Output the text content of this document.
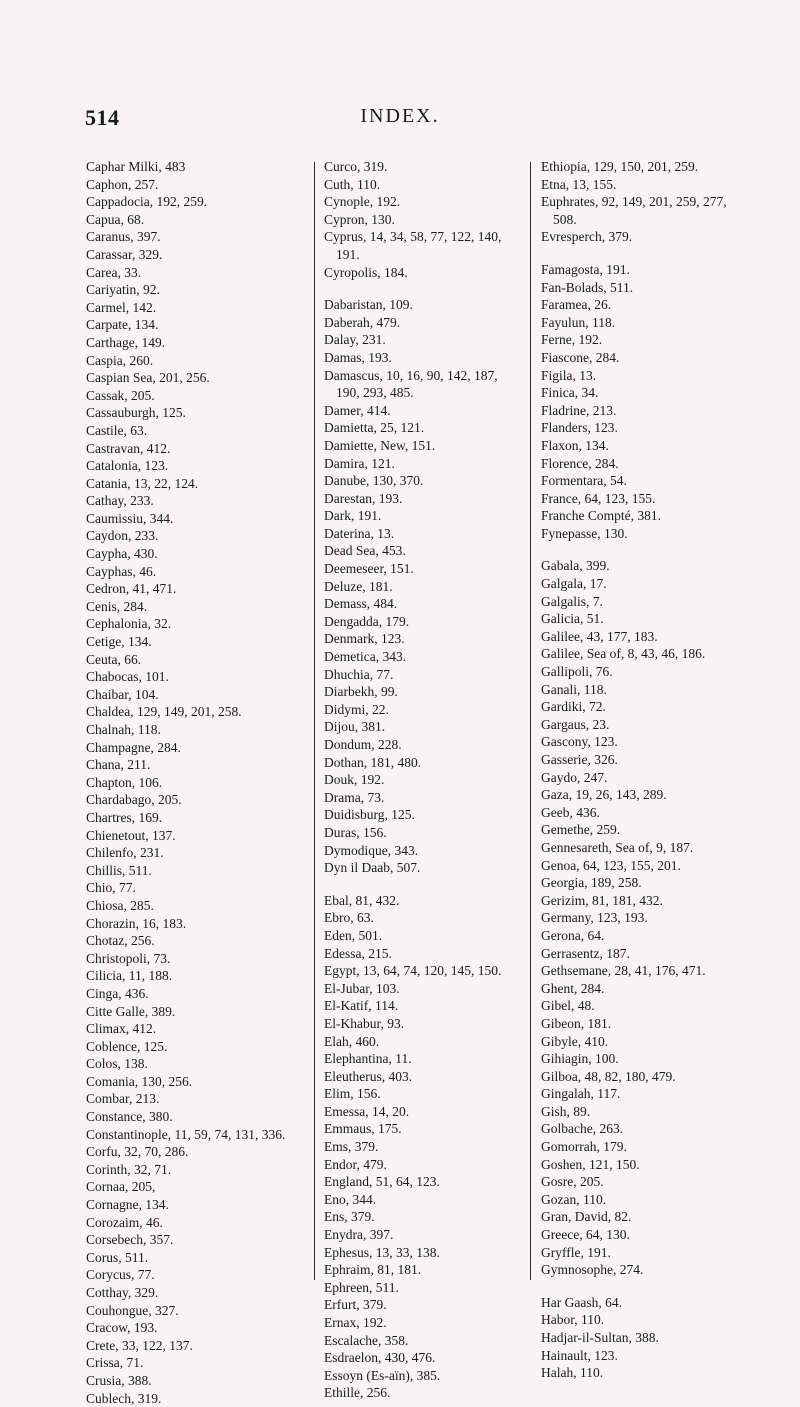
514	INDEX.
Caphar Milki, 483
Caphon, 257.
Cappadocia, 192, 259.
Capua, 68.
Caranus, 397.
Carassar, 329.
Carea, 33.
Cariyatin, 92.
Carmel, 142.
Carpate, 134.
Carthage, 149.
Caspia, 260.
Caspian Sea, 201, 256.
Cassak, 205.
Cassauburgh, 125.
Castile, 63.
Castravan, 412.
Catalonia, 123.
Catania, 13, 22, 124.
Cathay, 233.
Caumissiu, 344.
Caydon, 233.
Caypha, 430.
Cayphas, 46.
Cedron, 41, 471.
Cenis, 284.
Cephalonia, 32.
Cetige, 134.
Ceuta, 66.
Chabocas, 101.
Chaibar, 104.
Chaldea, 129, 149, 201, 258.
Chalnah, 118.
Champagne, 284.
Chana, 211.
Chapton, 106.
Chardabago, 205.
Chartres, 169.
Chienetout, 137.
Chilenfo, 231.
Chillis, 511.
Chio, 77.
Chiosa, 285.
Chorazin, 16, 183.
Chotaz, 256.
Christopoli, 73.
Cilicia, 11, 188.
Cinga, 436.
Citte Galle, 389.
Climax, 412.
Coblence, 125.
Colos, 138.
Comania, 130, 256.
Combar, 213.
Constance, 380.
Constantinople, 11, 59, 74, 131, 336.
Corfu, 32, 70, 286.
Corinth, 32, 71.
Cornaa, 205,
Cornagne, 134.
Corozaim, 46.
Corsebech, 357.
Corus, 511.
Corycus, 77.
Cotthay, 329.
Couhongue, 327.
Cracow, 193.
Crete, 33, 122, 137.
Crissa, 71.
Crusia, 388.
Cublech, 319.
Curco, 319.
Cuth, 110.
Cynople, 192.
Cypron, 130.
Cyprus, 14, 34, 58, 77, 122, 140, 191.
Cyropolis, 184.
Dabaristan, 109.
Daberah, 479.
Dalay, 231.
Damas, 193.
Damascus, 10, 16, 90, 142, 187, 190, 293, 485.
Damer, 414.
Damietta, 25, 121.
Damiette, New, 151.
Damira, 121.
Danube, 130, 370.
Darestan, 193.
Dark, 191.
Daterina, 13.
Dead Sea, 453.
Deemeseer, 151.
Deluze, 181.
Demass, 484.
Dengadda, 179.
Denmark, 123.
Demetica, 343.
Dhuchia, 77.
Diarbekh, 99.
Didymi, 22.
Dijou, 381.
Dondum, 228.
Dothan, 181, 480.
Douk, 192.
Drama, 73.
Duidisburg, 125.
Duras, 156.
Dymodique, 343.
Dyn il Daab, 507.
Ebal, 81, 432.
Ebro, 63.
Eden, 501.
Edessa, 215.
Egypt, 13, 64, 74, 120, 145, 150.
El-Jubar, 103.
El-Katif, 114.
El-Khabur, 93.
Elah, 460.
Elephantina, 11.
Eleutherus, 403.
Elim, 156.
Emessa, 14, 20.
Emmaus, 175.
Ems, 379.
Endor, 479.
England, 51, 64, 123.
Eno, 344.
Ens, 379.
Enydra, 397.
Ephesus, 13, 33, 138.
Ephraim, 81, 181.
Ephreen, 511.
Erfurt, 379.
Ernax, 192.
Escalache, 358.
Esdraelon, 430, 476.
Essoyn (Es-aïn), 385.
Ethille, 256.
Ethiopia, 129, 150, 201, 259.
Etna, 13, 155.
Euphrates, 92, 149, 201, 259, 277, 508.
Evresperch, 379.
Famagosta, 191.
Fan-Bolads, 511.
Faramea, 26.
Fayulun, 118.
Ferne, 192.
Fiascone, 284.
Figila, 13.
Finica, 34.
Fladrine, 213.
Flanders, 123.
Flaxon, 134.
Florence, 284.
Formentara, 54.
France, 64, 123, 155.
Franche Compté, 381.
Fynepasse, 130.
Gabala, 399.
Galgala, 17.
Galgalis, 7.
Galicia, 51.
Galilee, 43, 177, 183.
Galilee, Sea of, 8, 43, 46, 186.
Gallipoli, 76.
Ganali, 118.
Gardiki, 72.
Gargaus, 23.
Gascony, 123.
Gasserie, 326.
Gaydo, 247.
Gaza, 19, 26, 143, 289.
Geeb, 436.
Gemethe, 259.
Gennesareth, Sea of, 9, 187.
Genoa, 64, 123, 155, 201.
Georgia, 189, 258.
Gerizim, 81, 181, 432.
Germany, 123, 193.
Gerona, 64.
Gerrasentz, 187.
Gethsemane, 28, 41, 176, 471.
Ghent, 284.
Gibel, 48.
Gibeon, 181.
Gibyle, 410.
Gihiagin, 100.
Gilboa, 48, 82, 180, 479.
Gingalah, 117.
Gish, 89.
Golbache, 263.
Gomorrah, 179.
Goshen, 121, 150.
Gosre, 205.
Gozan, 110.
Gran, David, 82.
Greece, 64, 130.
Gryffle, 191.
Gymnosophe, 274.
Har Gaash, 64.
Habor, 110.
Hadjar-il-Sultan, 388.
Hainault, 123.
Halah, 110.
